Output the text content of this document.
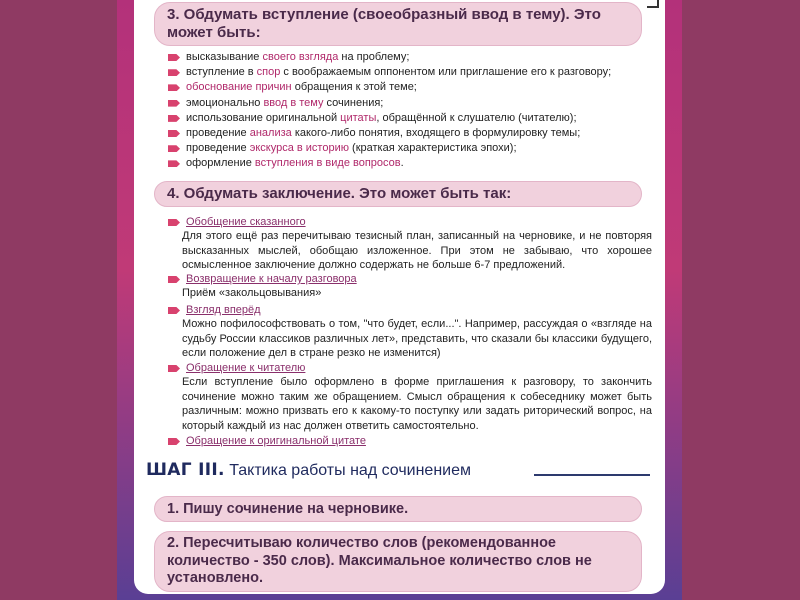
3. Обдумать вступление (своеобразный ввод в тему). Это может быть:
высказывание своего взгляда на проблему;
вступление в спор с воображаемым оппонентом или приглашение его к разговору;
обоснование причин обращения к этой теме;
эмоционально ввод в тему сочинения;
использование оригинальной цитаты, обращённой к слушателю (читателю);
проведение анализа какого-либо понятия, входящего в формулировку темы;
проведение экскурса в историю (краткая характеристика эпохи);
оформление вступления в виде вопросов.
4. Обдумать заключение. Это может быть так:
Обобщение сказанного
Для этого ещё раз перечитываю тезисный план, записанный на черновике, и не повторяя высказанных мыслей, обобщаю изложенное. При этом не забываю, что хорошее осмысленное заключение должно содержать не больше 6-7 предложений.
Возвращение к началу разговора
Приём «закольцовывания»
Взгляд вперёд
Можно пофилософствовать о том, "что будет, если...". Например, рассуждая о «взгляде на судьбу России классиков различных лет», представить, что сказали бы классики будущего, если положение дел в стране резко не изменится)
Обращение к читателю
Если вступление было оформлено в форме приглашения к разговору, то закончить сочинение можно таким же обращением. Смысл обращения к собеседнику может быть различным: можно призвать его к какому-то поступку или задать риторический вопрос, на который каждый из нас должен ответить самостоятельно.
Обращение к оригинальной цитате
ШАГ III. Тактика работы над сочинением
1. Пишу сочинение на черновике.
2. Пересчитываю количество слов (рекомендованное количество - 350 слов). Максимальное количество слов не установлено.
